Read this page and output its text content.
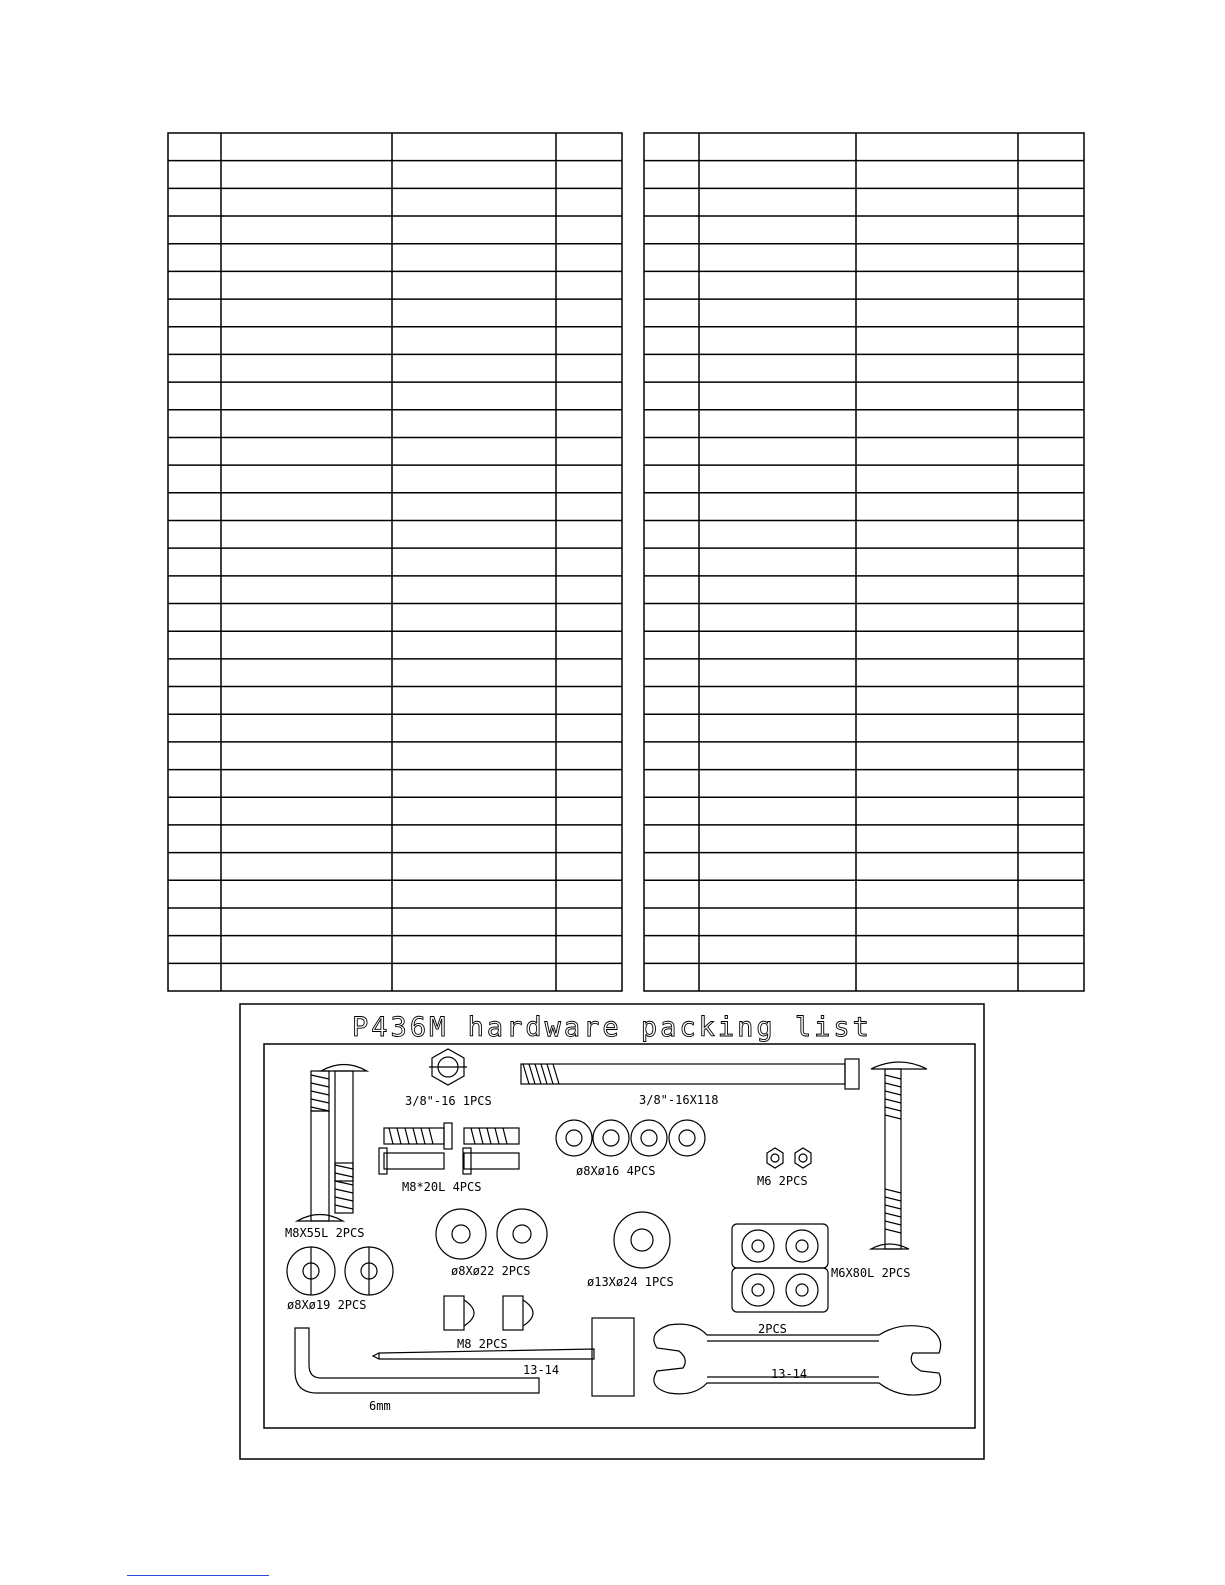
P436M hardware packing list
M8X55L 2PCS
3/8"-16 1PCS	3/8"-16X118
M6X80L 2PCS
M8*20L 4PCS
ø8Xø16 4PCS
M6 2PCS
ø8Xø22 2PCS
ø13Xø24 1PCS
2PCS
ø8Xø19 2PCS
M8 2PCS
6mm
13-14	13-14
